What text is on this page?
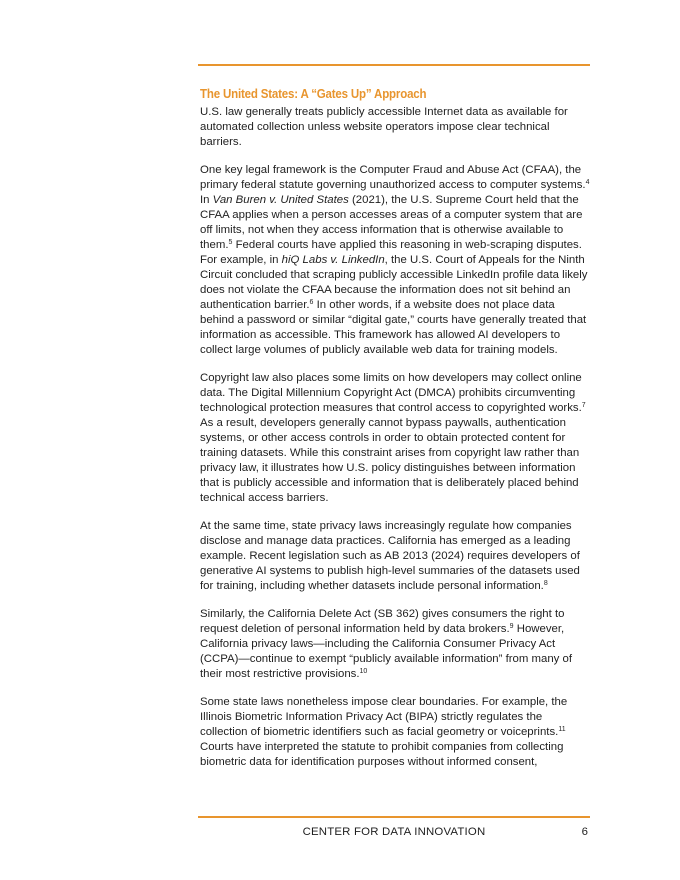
The United States: A “Gates Up” Approach

U.S. law generally treats publicly accessible Internet data as available for automated collection unless website operators impose clear technical barriers.

One key legal framework is the Computer Fraud and Abuse Act (CFAA), the primary federal statute governing unauthorized access to computer systems.$^4$ In Van Buren v. United States (2021), the U.S. Supreme Court held that the CFAA applies when a person accesses areas of a computer system that are off limits, not when they access information that is otherwise available to them.$^5$ Federal courts have applied this reasoning in web-scraping disputes. For example, in hiQ Labs v. LinkedIn, the U.S. Court of Appeals for the Ninth Circuit concluded that scraping publicly accessible LinkedIn profile data likely does not violate the CFAA because the information does not sit behind an authentication barrier.$^6$ In other words, if a website does not place data behind a password or similar “digital gate,” courts have generally treated that information as accessible. This framework has allowed AI developers to collect large volumes of publicly available web data for training models.

Copyright law also places some limits on how developers may collect online data. The Digital Millennium Copyright Act (DMCA) prohibits circumventing technological protection measures that control access to copyrighted works.$^7$ As a result, developers generally cannot bypass paywalls, authentication systems, or other access controls in order to obtain protected content for training datasets. While this constraint arises from copyright law rather than privacy law, it illustrates how U.S. policy distinguishes between information that is publicly accessible and information that is deliberately placed behind technical access barriers.

At the same time, state privacy laws increasingly regulate how companies disclose and manage data practices. California has emerged as a leading example. Recent legislation such as AB 2013 (2024) requires developers of generative AI systems to publish high-level summaries of the datasets used for training, including whether datasets include personal information.$^8$

Similarly, the California Delete Act (SB 362) gives consumers the right to request deletion of personal information held by data brokers.$^9$ However, California privacy laws—including the California Consumer Privacy Act (CCPA)—continue to exempt “publicly available information” from many of their most restrictive provisions.$^{10}$

Some state laws nonetheless impose clear boundaries. For example, the Illinois Biometric Information Privacy Act (BIPA) strictly regulates the collection of biometric identifiers such as facial geometry or voiceprints.$^{11}$ Courts have interpreted the statute to prohibit companies from collecting biometric data for identification purposes without informed consent,

CENTER FOR DATA INNOVATION	6
